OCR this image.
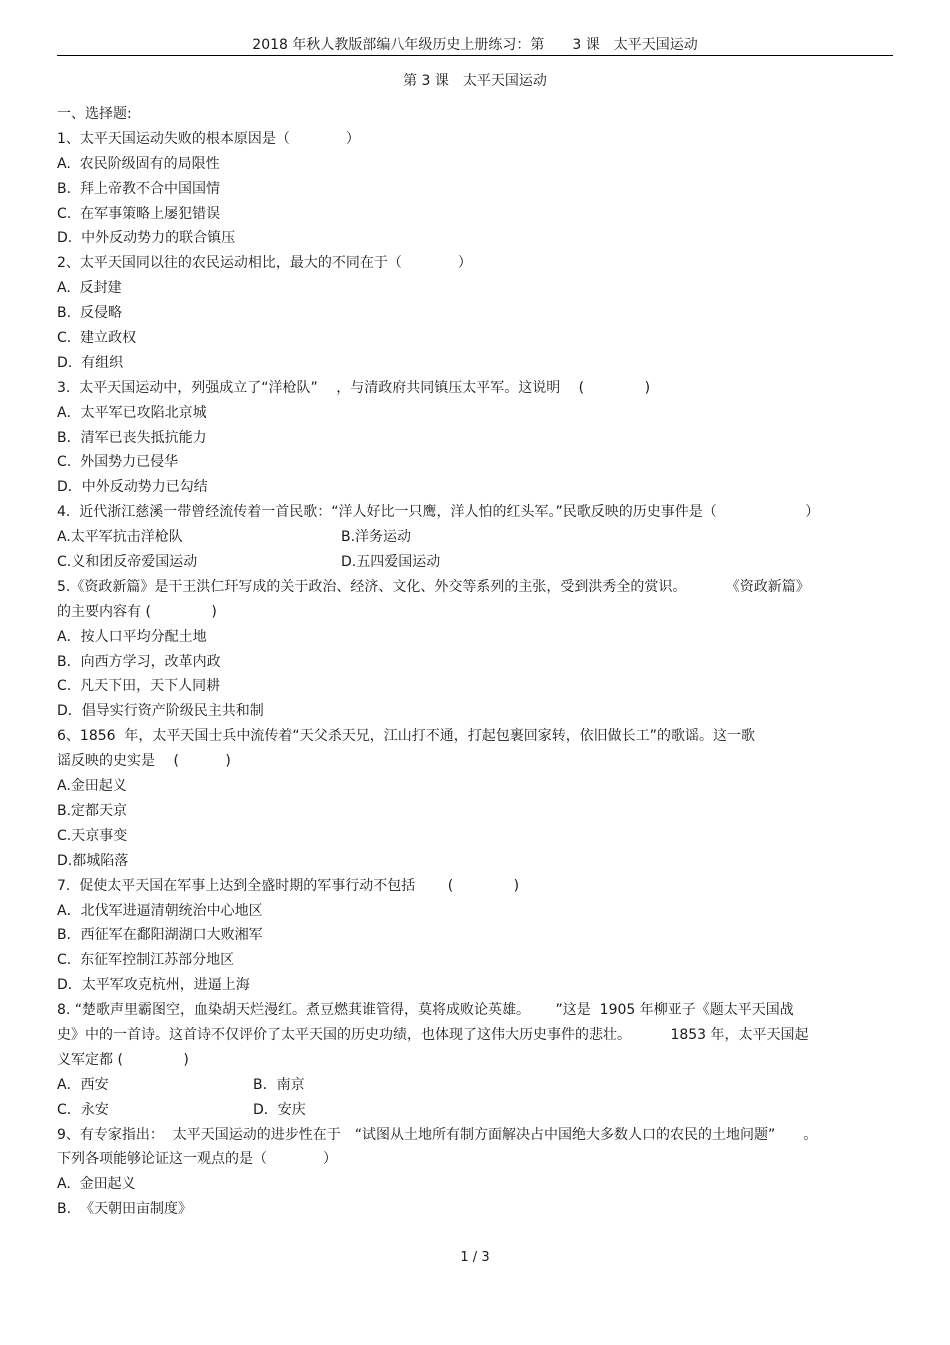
2018 年秋人教版部编八年级历史上册练习：第　　3 课　太平天国运动
第 3 课　太平天国运动
一、选择题:
1、太平天国运动失败的根本原因是（　　　　）
A.  农民阶级固有的局限性
B.  拜上帝教不合中国国情
C.  在军事策略上屡犯错误
D.  中外反动势力的联合镇压
2、太平天国同以往的农民运动相比，最大的不同在于（　　　　）
A.  反封建
B.  反侵略
C.  建立政权
D.  有组织
3.  太平天国运动中，列强成立了“洋枪队”　 ，与清政府共同镇压太平军。这说明　 (　　　　 )
A．太平军已攻陷北京城
B．清军已丧失抵抗能力
C.  外国势力已侵华
D．中外反动势力已勾结
4.  近代浙江慈溪一带曾经流传着一首民歌：“洋人好比一只鹰，洋人怕的红头军。”民歌反映的历史事件是（　　　　　　 ）
A.太平军抗击洋枪队	B.洋务运动
C.义和团反帝爱国运动	D.五四爱国运动
5.《资政新篇》是干王洪仁玕写成的关于政治、经济、文化、外交等系列的主张，受到洪秀全的赏识。　　　 《资政新篇》
的主要内容有 (　　　　 )
A．按人口平均分配土地
B．向西方学习，改革内政
C.  凡天下田，天下人同耕
D．倡导实行资产阶级民主共和制
6、1856  年，太平天国士兵中流传着“天父杀天兄，江山打不通，打起包裹回家转，依旧做长工”的歌谣。这一歌
谣反映的史实是　 (　　　 )
A.金田起义
B.定都天京
C.天京事变
D.都城陷落
7.  促使太平天国在军事上达到全盛时期的军事行动不包括　　 (　　　　 )
A．北伐军进逼清朝统治中心地区
B．西征军在鄱阳湖湖口大败湘军
C.  东征军控制江苏部分地区
D．太平军攻克杭州，进逼上海
8. “楚歌声里霸图空，血染胡天烂漫红。煮豆燃萁谁管得，莫将成败论英雄。　　 ”这是  1905 年柳亚子《题太平天国战
史》中的一首诗。这首诗不仅评价了太平天国的历史功绩，也体现了这伟大历史事件的悲壮。　　　 1853 年，太平天国起
义军定都 (　　　　 )
A．西安	B．南京
C．永安	D．安庆
9、有专家指出：  太平天国运动的进步性在于　“试图从土地所有制方面解决占中国绝大多数人口的农民的土地问题”　　。
下列各项能够论证这一观点的是（　　　　）
A.  金田起义
B.  《天朝田亩制度》
1 / 3
